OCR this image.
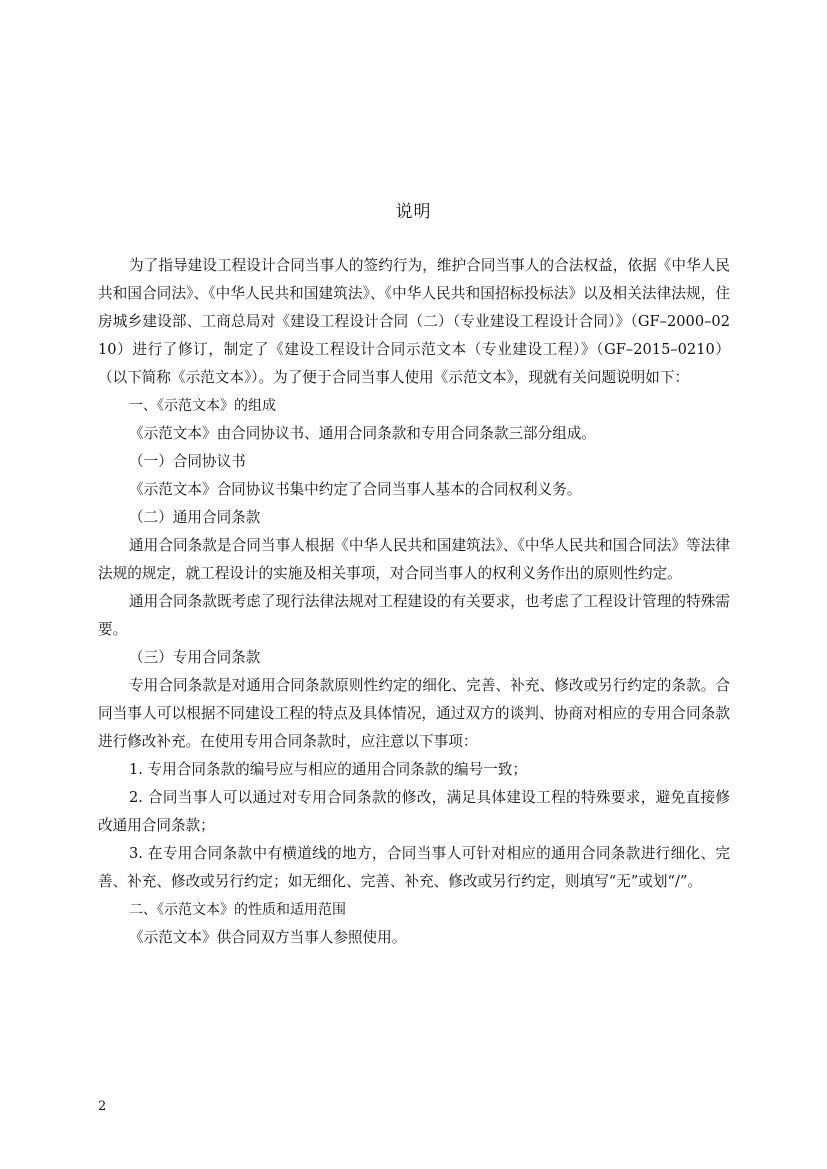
说明

为了指导建设工程设计合同当事人的签约行为，维护合同当事人的合法权益，依据《中华人民共和国合同法》、《中华人民共和国建筑法》、《中华人民共和国招标投标法》以及相关法律法规，住房城乡建设部、工商总局对《建设工程设计合同（二）（专业建设工程设计合同）》（GF–2000–0210）进行了修订，制定了《建设工程设计合同示范文本（专业建设工程）》（GF–2015–0210）（以下简称《示范文本》）。为了便于合同当事人使用《示范文本》，现就有关问题说明如下：

一、《示范文本》的组成

《示范文本》由合同协议书、通用合同条款和专用合同条款三部分组成。

（一）合同协议书

《示范文本》合同协议书集中约定了合同当事人基本的合同权利义务。

（二）通用合同条款

通用合同条款是合同当事人根据《中华人民共和国建筑法》、《中华人民共和国合同法》等法律法规的规定，就工程设计的实施及相关事项，对合同当事人的权利义务作出的原则性约定。

通用合同条款既考虑了现行法律法规对工程建设的有关要求，也考虑了工程设计管理的特殊需要。

（三）专用合同条款

专用合同条款是对通用合同条款原则性约定的细化、完善、补充、修改或另行约定的条款。合同当事人可以根据不同建设工程的特点及具体情况，通过双方的谈判、协商对相应的专用合同条款进行修改补充。在使用专用合同条款时，应注意以下事项：

1. 专用合同条款的编号应与相应的通用合同条款的编号一致；

2. 合同当事人可以通过对专用合同条款的修改，满足具体建设工程的特殊要求，避免直接修改通用合同条款；

3. 在专用合同条款中有横道线的地方，合同当事人可针对相应的通用合同条款进行细化、完善、补充、修改或另行约定；如无细化、完善、补充、修改或另行约定，则填写“无”或划“/”。

二、《示范文本》的性质和适用范围

《示范文本》供合同双方当事人参照使用。

2
